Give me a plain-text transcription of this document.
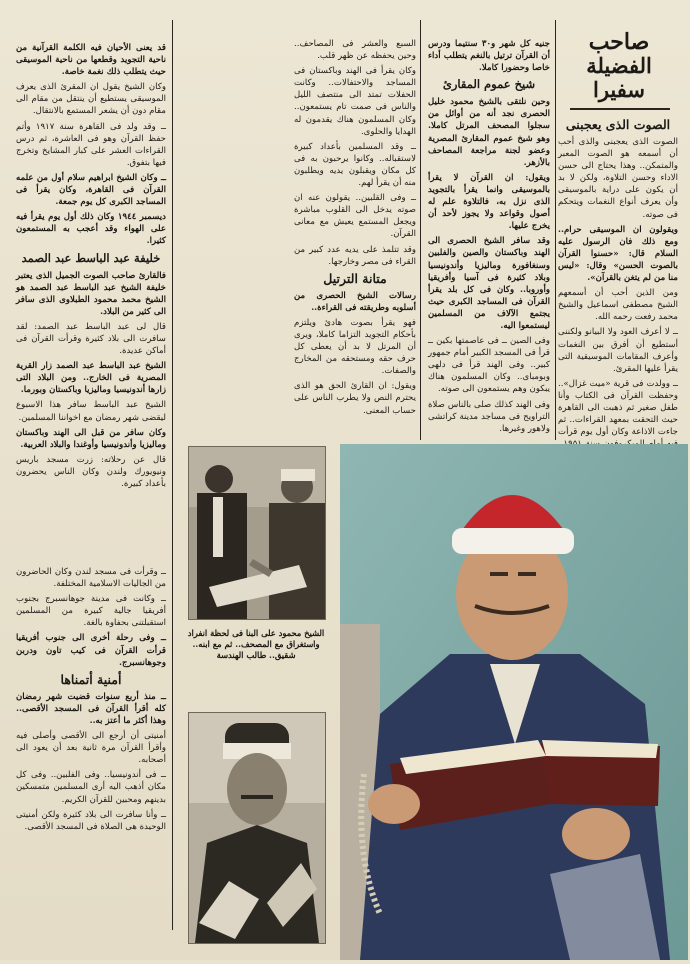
صاحب
الفضيلة
سفيرا
الصوت الذى يعجبنى

الصوت الذى يعجبنى والذى أحب أن أسمعه هو الصوت المعبر والمتمكن.. وهذا يحتاج الى حسن الاداء وحسن التلاوة، ولكن لا بد أن يكون على دراية بالموسيقى وأن يعرف أنواع النغمات ويتحكم فى صوته.

ويقولون ان الموسيقى حرام.. ومع ذلك فان الرسول عليه السلام قال: «حسنوا القرآن بالصوت الحسن» وقال: «ليس منا من لم يتغن بالقرآن».

ومن الذين أحب أن أسمعهم الشيخ مصطفى اسماعيل والشيخ محمد رفعت رحمه الله.

ــ لا أعرف العود ولا البيانو ولكننى أستطيع أن أفرق بين النغمات وأعرف المقامات الموسيقية التى يقرأ عليها المقرئ.

ــ وولدت فى قرية «ميت غزال».. وحفظت القرآن فى الكتاب وأنا طفل صغير ثم ذهبت الى القاهرة حيث التحقت بمعهد القراءات.. ثم جاءت الاذاعة وكان أول يوم قرأت

جنيه كل شهر و٣٠ سنتيما ودرس أن القرآن ترتيل بالنغم يتطلب أداء خاصا وحضورا كاملا.

شيخ عموم المقارئ

وحين نلتقى بالشيخ محمود خليل الحصرى نجد أنه من أوائل من سجلوا المصحف المرتل كاملا. وهو شيخ عموم المقارئ المصرية وعضو لجنة مراجعة المصاحف بالأزهر.

ويقول: ان القرآن لا يقرأ بالموسيقى وانما يقرأ بالتجويد الذى نزل به، فالتلاوة علم له أصول وقواعد ولا يجوز لأحد أن يخرج عليها.

وقد سافر الشيخ الحصرى الى الهند وباكستان والصين والفلبين وسنغافورة وماليزيا وأندونيسيا وبلاد كثيرة فى آسيا وأفريقيا وأوروبا.. وكان فى كل بلد يقرأ القرآن فى المساجد الكبرى حيث يجتمع الآلاف من المسلمين ليستمعوا اليه.

وفى الصين ــ فى عاصمتها بكين ــ قرأ فى المسجد الكبير أمام جمهور كبير.. وفى الهند قرأ فى دلهى وبومباى.. وكان المسلمون هناك يبكون وهم يستمعون الى صوته.

وفى الهند كذلك صلى بالناس صلاة التراويح فى مساجد مدينة كراتشى ولاهور وغيرها.

السبع والعشر فى المصاحف.. وحين يحفظه عن ظهر قلب.

وكان يقرأ فى الهند وباكستان فى المساجد والاحتفالات.. وكانت الحفلات تمتد الى منتصف الليل والناس فى صمت تام يستمعون.. وكان المسلمون هناك يقدمون له الهدايا والحلوى.

ــ وقد المسلمين بأعداد كبيرة لاستقباله.. وكانوا يرحبون به فى كل مكان ويقبلون يديه ويطلبون منه أن يقرأ لهم.

ــ وفى القلبين.. يقولون عنه ان صوته يدخل الى القلوب مباشرة ويجعل المستمع يعيش مع معانى القرآن.

وقد تتلمذ على يديه عدد كبير من القراء فى مصر وخارجها.

متانة الترتيل

رسالات الشيخ الحصرى من أسلوبه وطريقته فى القراءة..

فهو يقرأ بصوت هادئ ويلتزم بأحكام التجويد التزاما كاملا، ويرى أن المرتل لا بد أن يعطى كل حرف حقه ومستحقه من المخارج والصفات.

ويقول: ان القارئ الحق هو الذى يحترم النص ولا يطرب الناس على حساب المعنى.

قد يعنى الأحيان فيه الكلمة القرآنية من ناحية التجويد وقطعها من ناحية الموسيقى حيث يتطلب ذلك نغمة خاصة.

وكان الشيخ يقول ان المقرئ الذى يعرف الموسيقى يستطيع أن ينتقل من مقام الى مقام دون أن يشعر المستمع بالانتقال.

ــ وقد ولد فى القاهرة سنة ١٩١٧ وأتم حفظ القرآن وهو فى العاشرة، ثم درس القراءات العشر على كبار المشايخ وتخرج فيها بتفوق.

ــ وكان الشيخ ابراهيم سلام أول من علمه القرآن فى القاهرة، وكان يقرأ فى المساجد الكبرى كل يوم جمعة.

ديسمبر ١٩٤٤ وكان ذلك أول يوم يقرأ فيه على الهواء وقد أعجب به المستمعون كثيرا.

خليفة عبد الباسط عبد الصمد

فالقارئ صاحب الصوت الجميل الذى يعتبر خليفة الشيخ عبد الباسط عبد الصمد هو الشيخ محمد محمود الطبلاوى الذى سافر الى كثير من البلاد.

قال لى عبد الباسط عبد الصمد: لقد سافرت الى بلاد كثيرة وقرأت القرآن فى أماكن عديدة.

الشيخ عبد الباسط عبد الصمد زار القرية المصرية فى الخارج.. ومن البلاد التى زارها أندونيسيا وماليزيا وباكستان وبورما.

الشيخ عبد الباسط سافر هذا الاسبوع ليقضى شهر رمضان مع اخواننا المسلمين.

وكان سافر من قبل الى الهند وباكستان وماليزيا وأندونيسيا وأوغندا والبلاد العربية.

قال عن رحلاته: زرت مسجد باريس ونيويورك ولندن وكان الناس يحضرون بأعداد كبيرة.

ــ وقرأت فى مسجد لندن وكان الحاضرون من الجاليات الاسلامية المختلفة.

ــ وكانت فى مدينة جوهانسبرج بجنوب أفريقيا جالية كبيرة من المسلمين استقبلتنى بحفاوة بالغة.

ــ وفى رحلة أخرى الى جنوب أفريقيا قرأت القرآن فى كيب تاون ودربن وجوهانسبرج.

أمنية أتمناها

ــ منذ أربع سنوات قضيت شهر رمضان كله أقرأ القرآن فى المسجد الأقصى.. وهذا أكثر ما أعتز به..

أمنيتى أن أرجع الى الأقصى وأصلى فيه وأقرأ القرآن مرة ثانية بعد أن يعود الى أصحابه.

ــ فى أندونيسيا.. وفى الفلبين.. وفى كل مكان أذهب اليه أرى المسلمين متمسكين بدينهم ومحبين للقرآن الكريم.

ــ وأنا سافرت الى بلاد كثيرة ولكن أمنيتى الوحيدة هى الصلاة فى المسجد الأقصى.

الشيخ محمود على البنا فى لحظة انفراد واستغراق مع المصحف.. ثم مع ابنه.. شقيق.. طالب الهندسة
